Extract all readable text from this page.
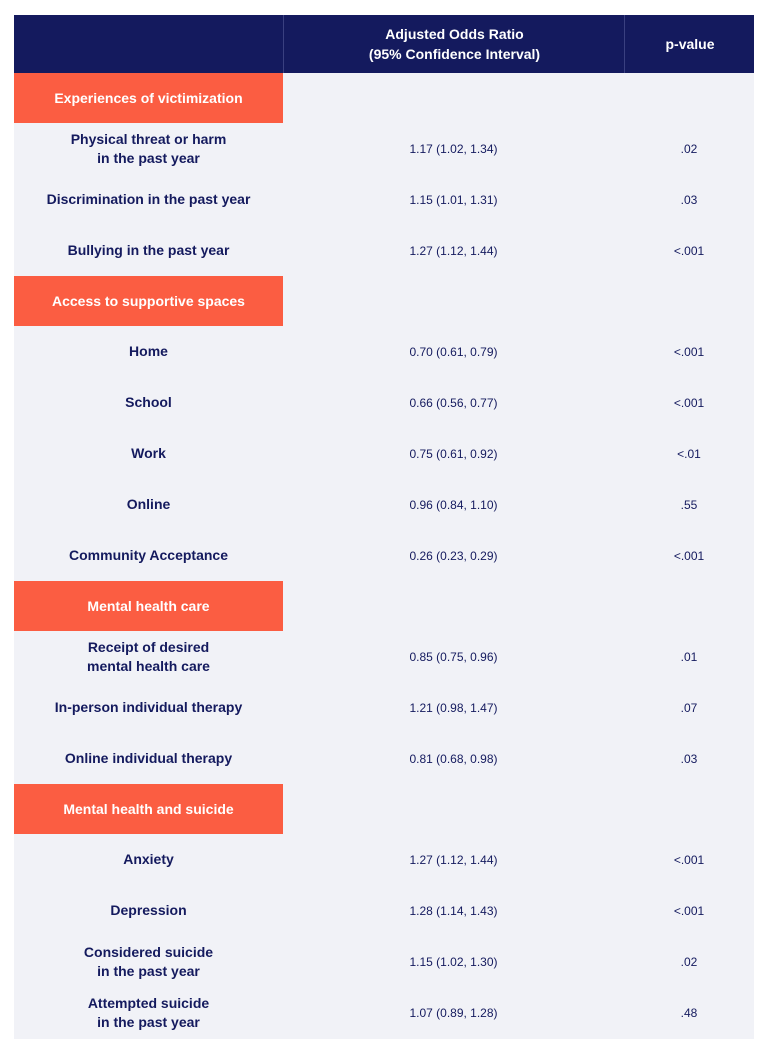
Adjusted Odds Ratio
(95% Confidence Interval)
p-value
Experiences of victimization
Physical threat or harm
in the past year
1.17 (1.02, 1.34)	.02
Discrimination in the past year	1.15 (1.01, 1.31)	.03
Bullying in the past year	1.27 (1.12, 1.44)	<.001
Access to supportive spaces
Home	0.70 (0.61, 0.79)	<.001
School	0.66 (0.56, 0.77)	<.001
Work	0.75 (0.61, 0.92)	<.01
Online	0.96 (0.84, 1.10)	.55
Community Acceptance	0.26 (0.23, 0.29)	<.001
Mental health care
Receipt of desired
mental health care
0.85 (0.75, 0.96)	.01
In-person individual therapy	1.21 (0.98, 1.47)	.07
Online individual therapy	0.81 (0.68, 0.98)	.03
Mental health and suicide
Anxiety	1.27 (1.12, 1.44)	<.001
Depression	1.28 (1.14, 1.43)	<.001
Considered suicide
in the past year
1.15 (1.02, 1.30)	.02
Attempted suicide
in the past year
1.07 (0.89, 1.28)	.48
